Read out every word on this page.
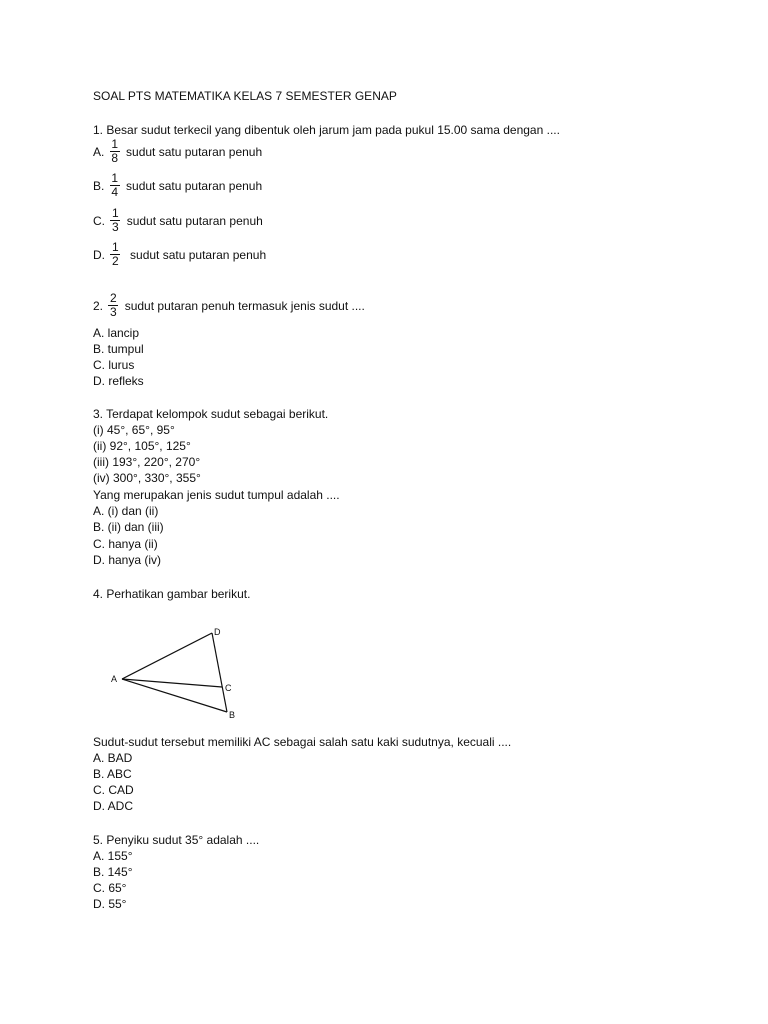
SOAL PTS MATEMATIKA KELAS 7 SEMESTER GENAP
1. Besar sudut terkecil yang dibentuk oleh jarum jam pada pukul 15.00 sama dengan ....
A. $\frac{1}{8}$ sudut satu putaran penuh
B. $\frac{1}{4}$ sudut satu putaran penuh
C. $\frac{1}{3}$ sudut satu putaran penuh
D. $\frac{1}{2}$ sudut satu putaran penuh
2. $\frac{2}{3}$ sudut putaran penuh termasuk jenis sudut ....
A. lancip
B. tumpul
C. lurus
D. refleks
3. Terdapat kelompok sudut sebagai berikut.
(i) 45°, 65°, 95°
(ii) 92°, 105°, 125°
(iii) 193°, 220°, 270°
(iv) 300°, 330°, 355°
Yang merupakan jenis sudut tumpul adalah ....
A. (i) dan (ii)
B. (ii) dan (iii)
C. hanya (ii)
D. hanya (iv)
4. Perhatikan gambar berikut.
A
B
C
D
Sudut-sudut tersebut memiliki AC sebagai salah satu kaki sudutnya, kecuali ....
A. BAD
B. ABC
C. CAD
D. ADC
5. Penyiku sudut 35° adalah ....
A. 155°
B. 145°
C. 65°
D. 55°
